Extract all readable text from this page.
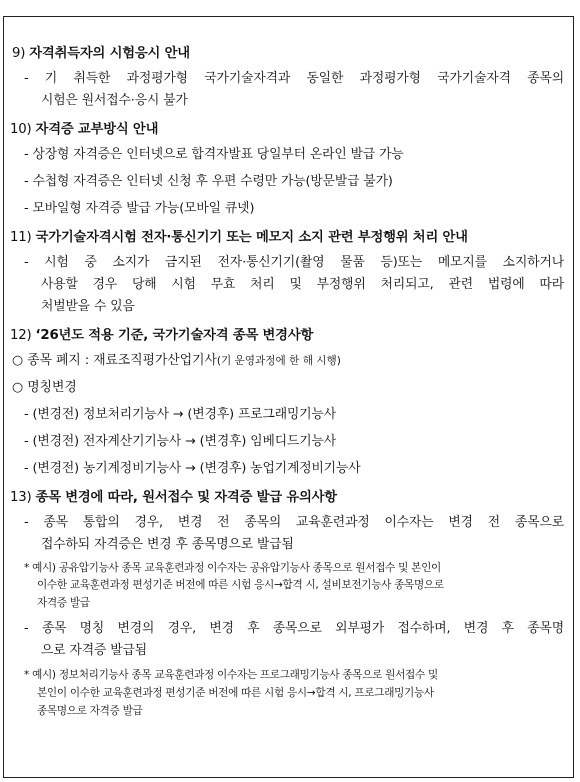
9) 자격취득자의 시험응시 안내
- 기 취득한 과정평가형 국가기술자격과 동일한 과정평가형 국가기술자격 종목의
시험은 원서접수·응시 불가
10) 자격증 교부방식 안내
- 상장형 자격증은 인터넷으로 합격자발표 당일부터 온라인 발급 가능
- 수첩형 자격증은 인터넷 신청 후 우편 수령만 가능(방문발급 불가)
- 모바일형 자격증 발급 가능(모바일 큐넷)
11) 국가기술자격시험 전자·통신기기 또는 메모지 소지 관련 부정행위 처리 안내
- 시험 중 소지가 금지된 전자·통신기기(촬영 물품 등)또는 메모지를 소지하거나
사용할 경우 당해 시험 무효 처리 및 부정행위 처리되고, 관련 법령에 따라
처벌받을 수 있음
12) ‘26년도 적용 기준, 국가기술자격 종목 변경사항
○ 종목 폐지 : 재료조직평가산업기사(기 운영과정에 한 해 시행)
○ 명칭변경
- (변경전) 정보처리기능사 → (변경후) 프로그래밍기능사
- (변경전) 전자계산기기능사 → (변경후) 임베디드기능사
- (변경전) 농기계정비기능사 → (변경후) 농업기계정비기능사
13) 종목 변경에 따라, 원서접수 및 자격증 발급 유의사항
- 종목 통합의 경우, 변경 전 종목의 교육훈련과정 이수자는 변경 전 종목으로
접수하되 자격증은 변경 후 종목명으로 발급됨
* 예시) 공유압기능사 종목 교육훈련과정 이수자는 공유압기능사 종목으로 원서접수 및 본인이
이수한 교육훈련과정 편성기준 버전에 따른 시험 응시→합격 시, 설비보전기능사 종목명으로
자격증 발급
- 종목 명칭 변경의 경우, 변경 후 종목으로 외부평가 접수하며, 변경 후 종목명
으로 자격증 발급됨
* 예시) 정보처리기능사 종목 교육훈련과정 이수자는 프로그래밍기능사 종목으로 원서접수 및
본인이 이수한 교육훈련과정 편성기준 버전에 따른 시험 응시→합격 시, 프로그래밍기능사
종목명으로 자격증 발급
